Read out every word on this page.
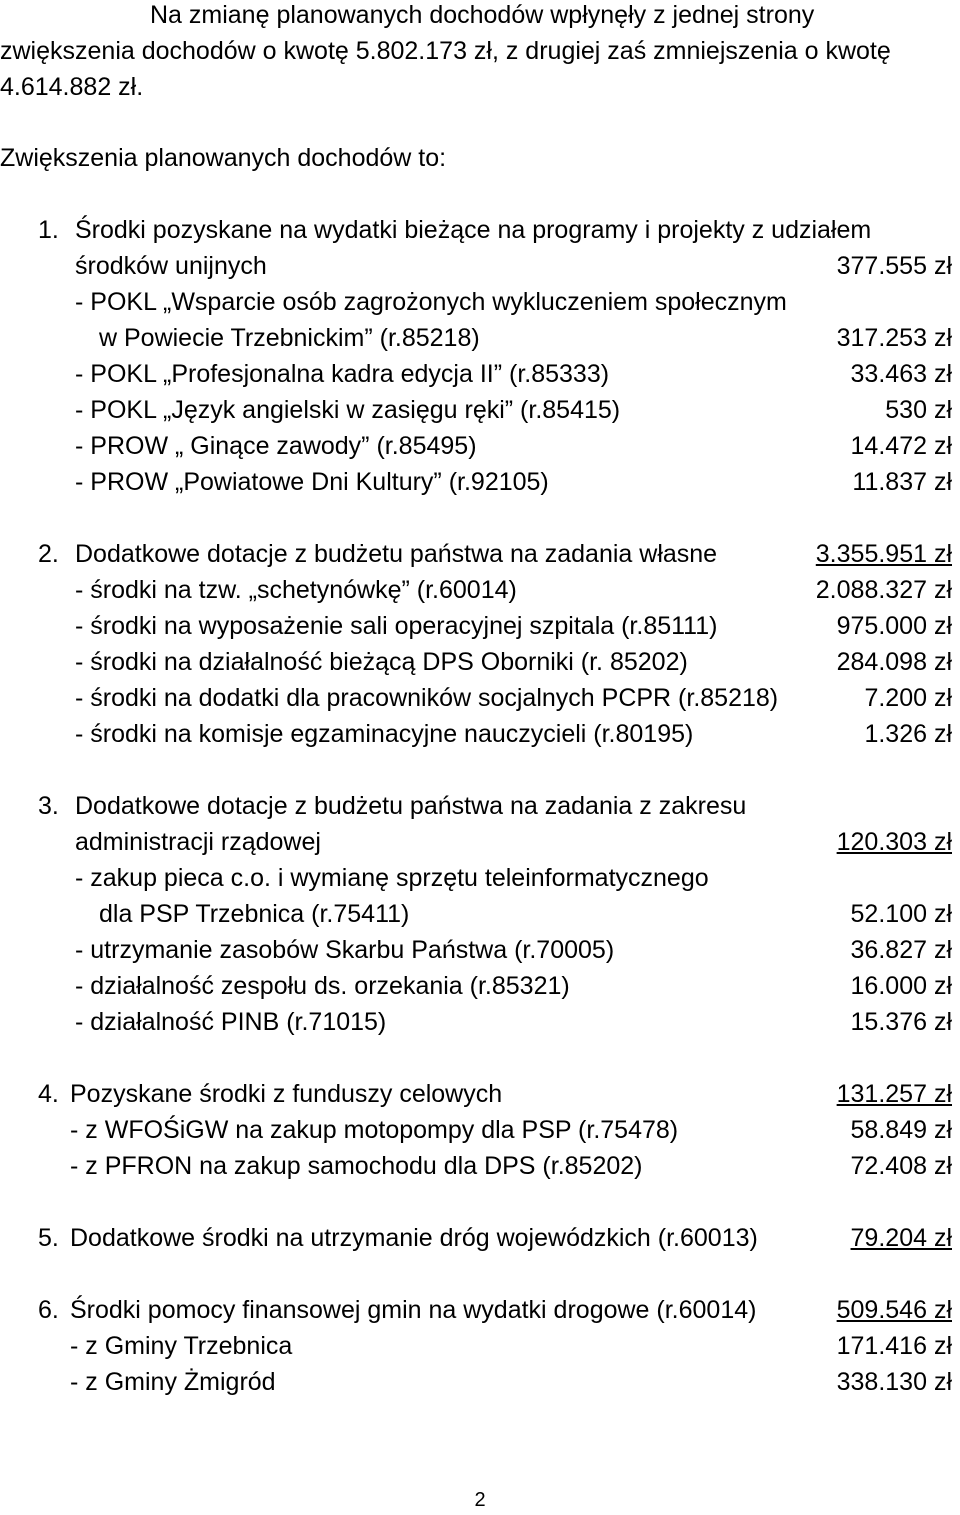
Na zmianę planowanych dochodów wpłynęły z jednej strony
zwiększenia dochodów o kwotę 5.802.173 zł, z drugiej zaś zmniejszenia o kwotę
4.614.882 zł.
Zwiększenia planowanych dochodów to:
1. Środki pozyskane na wydatki bieżące na programy i projekty z udziałem
środków unijnych	377.555 zł
- POKL „Wsparcie osób zagrożonych wykluczeniem społecznym
w Powiecie Trzebnickim” (r.85218)	317.253 zł
- POKL „Profesjonalna kadra edycja II” (r.85333)	33.463 zł
- POKL „Język angielski w zasięgu ręki” (r.85415)	530 zł
- PROW „ Ginące zawody” (r.85495)	14.472 zł
- PROW „Powiatowe Dni Kultury” (r.92105)	11.837 zł
2. Dodatkowe dotacje z budżetu państwa na zadania własne	3.355.951 zł
- środki na tzw. „schetynówkę” (r.60014)	2.088.327 zł
- środki na wyposażenie sali operacyjnej szpitala (r.85111)	975.000 zł
- środki na działalność bieżącą DPS Oborniki (r. 85202)	284.098 zł
- środki na dodatki dla pracowników socjalnych PCPR (r.85218)	7.200 zł
- środki na komisje egzaminacyjne nauczycieli (r.80195)	1.326 zł
3. Dodatkowe dotacje z budżetu państwa na zadania z zakresu
administracji rządowej	120.303 zł
- zakup pieca c.o. i wymianę sprzętu teleinformatycznego
dla PSP Trzebnica (r.75411)	52.100 zł
- utrzymanie zasobów Skarbu Państwa (r.70005)	36.827 zł
- działalność zespołu ds. orzekania (r.85321)	16.000 zł
- działalność PINB (r.71015)	15.376 zł
4. Pozyskane środki z funduszy celowych	131.257 zł
- z WFOŚiGW na zakup motopompy dla PSP (r.75478)	58.849 zł
- z PFRON na zakup samochodu dla DPS (r.85202)	72.408 zł
5. Dodatkowe środki na utrzymanie dróg wojewódzkich (r.60013)	79.204 zł
6. Środki pomocy finansowej gmin na wydatki drogowe (r.60014)	509.546 zł
- z Gminy Trzebnica	171.416 zł
- z Gminy Żmigród	338.130 zł
2
